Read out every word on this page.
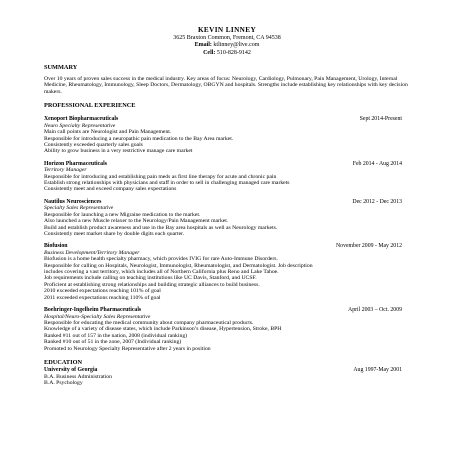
KEVIN LINNEY
3625 Braxton Common, Fremont, CA 94538
Email: ktlinney@live.com
Cell: 510-828-9142
SUMMARY
Over 10 years of proven sales success in the medical industry. Key areas of focus: Neurology, Cardiology, Pulmonary, Pain Management, Urology, Internal Medicine, Rheumatology, Immunology, Sleep Doctors, Dermatology, OBGYN and hospitals. Strengths include establishing key relationships with key decision makers.
PROFESSIONAL EXPERIENCE
Xenoport Biopharmaceuticals	Sept 2014-Present
Neuro Specialty Representative
Main call points are Neurologist and Pain Management.
Responsible for introducing a neuropathic pain medication to the Bay Area market.
Consistently exceeded quarterly sales goals
Ability to grow business in a very restrictive manage care market
Horizon Pharmaceuticals	Feb 2014 - Aug 2014
Territory Manager
Responsible for introducing and establishing pain meds as first line therapy for acute and chronic pain
Establish strong relationships with physicians and staff in order to sell in challenging managed care markets
Consistently meet and exceed company sales expectations
Nautilus Neurosciences	Dec 2012 - Dec 2013
Specialty Sales Representative
Responsible for launching a new Migraine medication to the market.
Also launched a new Muscle relaxer to the Neurology/Pain Management market.
Build and establish product awareness and use in the Bay area hospitals as well as Neurology markets.
Consistently meet market share by double digits each quarter.
Biofusion	November 2009 - May 2012
Business Development/Territory Manager
Biofusion is a home health specialty pharmacy, which provides IVIG for rare Auto-Immune Disorders.
Responsible for calling on Hospitals, Neurologist, Immunologist, Rheumatologist, and Dermatologist. Job description
includes covering a vast territory, which includes all of Northern California plus Reno and Lake Tahoe.
Job requirements include calling on teaching institutions like UC Davis, Stanford, and UCSF.
Proficient at establishing strong relationships and building strategic alliances to build business.
2010 exceeded expectations reaching 101% of goal
2011 exceeded expectations reaching 110% of goal
Boehringer-Ingelheim Pharmaceuticals	April 2003 – Oct. 2009
Hospital/Neuro-Specialty Sales Representative
Responsible for educating the medical community about company pharmaceutical products.
Knowledge of a variety of disease states, which include Parkinson’s disease, Hypertension, Stroke, BPH
Ranked #11 out of 157 in the nation, 2008 (individual ranking)
Ranked #10 out of 51 in the zone, 2007 (Individual ranking)
Promoted to Neurology Specialty Representative after 2 years in position
EDUCATION
University of Georgia	Aug 1997-May 2001
B.A. Business Administration
B.A. Psychology
